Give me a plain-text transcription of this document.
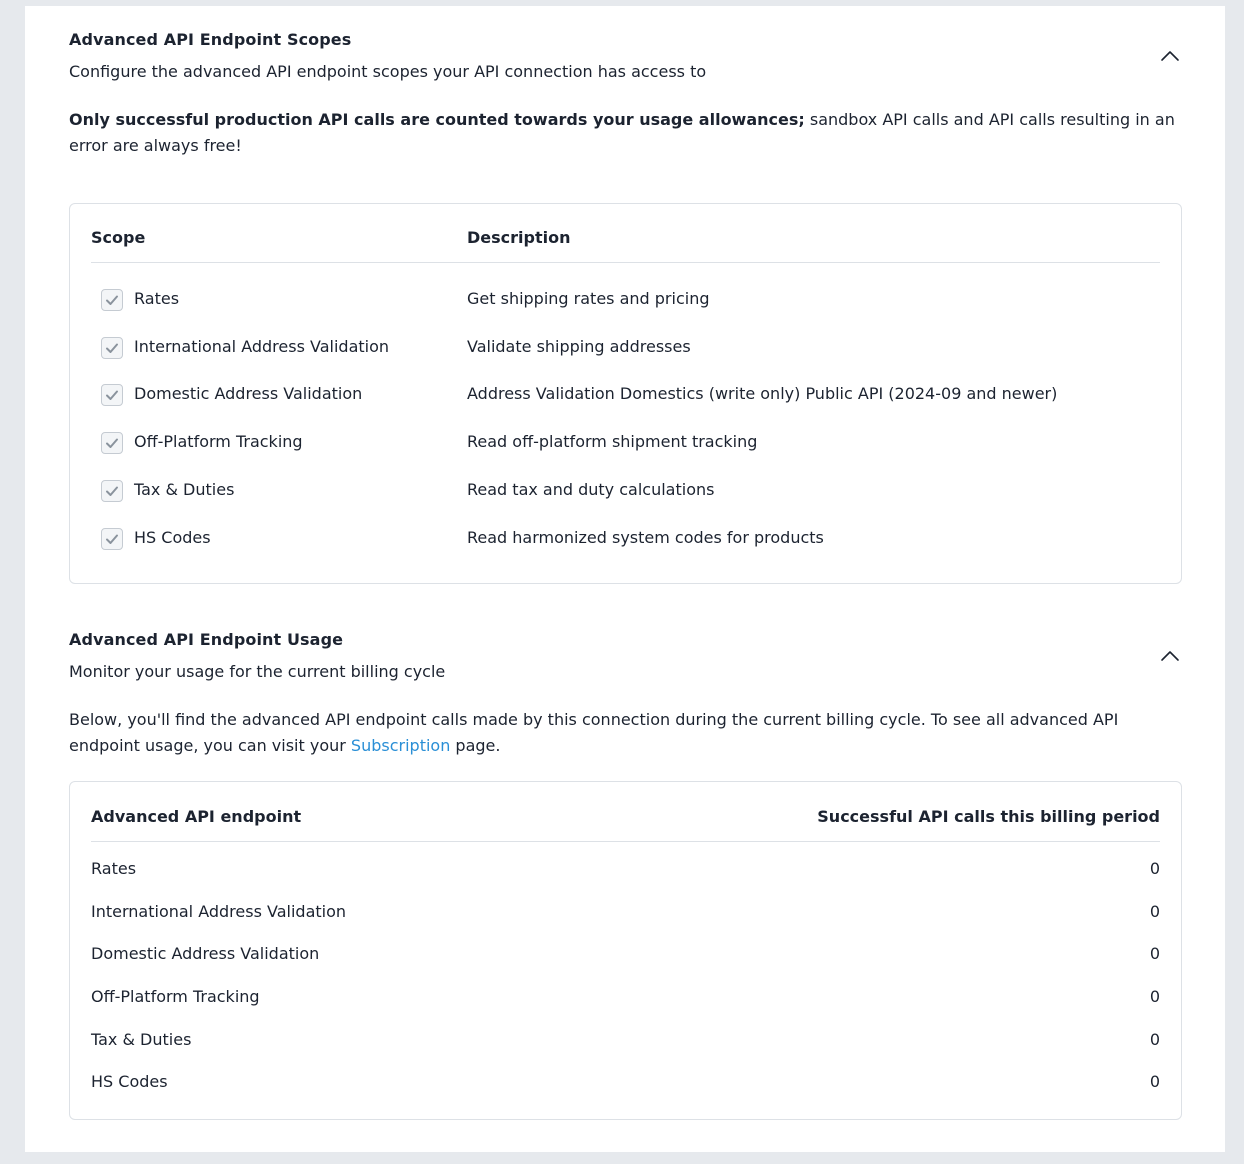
Advanced API Endpoint Scopes
Configure the advanced API endpoint scopes your API connection has access to
Only successful production API calls are counted towards your usage allowances; sandbox API calls and API calls resulting in an error are always free!
Scope	Description
Rates	Get shipping rates and pricing
International Address Validation	Validate shipping addresses
Domestic Address Validation	Address Validation Domestics (write only) Public API (2024-09 and newer)
Off-Platform Tracking	Read off-platform shipment tracking
Tax & Duties	Read tax and duty calculations
HS Codes	Read harmonized system codes for products
Advanced API Endpoint Usage
Monitor your usage for the current billing cycle
Below, you'll find the advanced API endpoint calls made by this connection during the current billing cycle. To see all advanced API endpoint usage, you can visit your Subscription page.
Advanced API endpoint	Successful API calls this billing period
Rates	0
International Address Validation	0
Domestic Address Validation	0
Off-Platform Tracking	0
Tax & Duties	0
HS Codes	0
